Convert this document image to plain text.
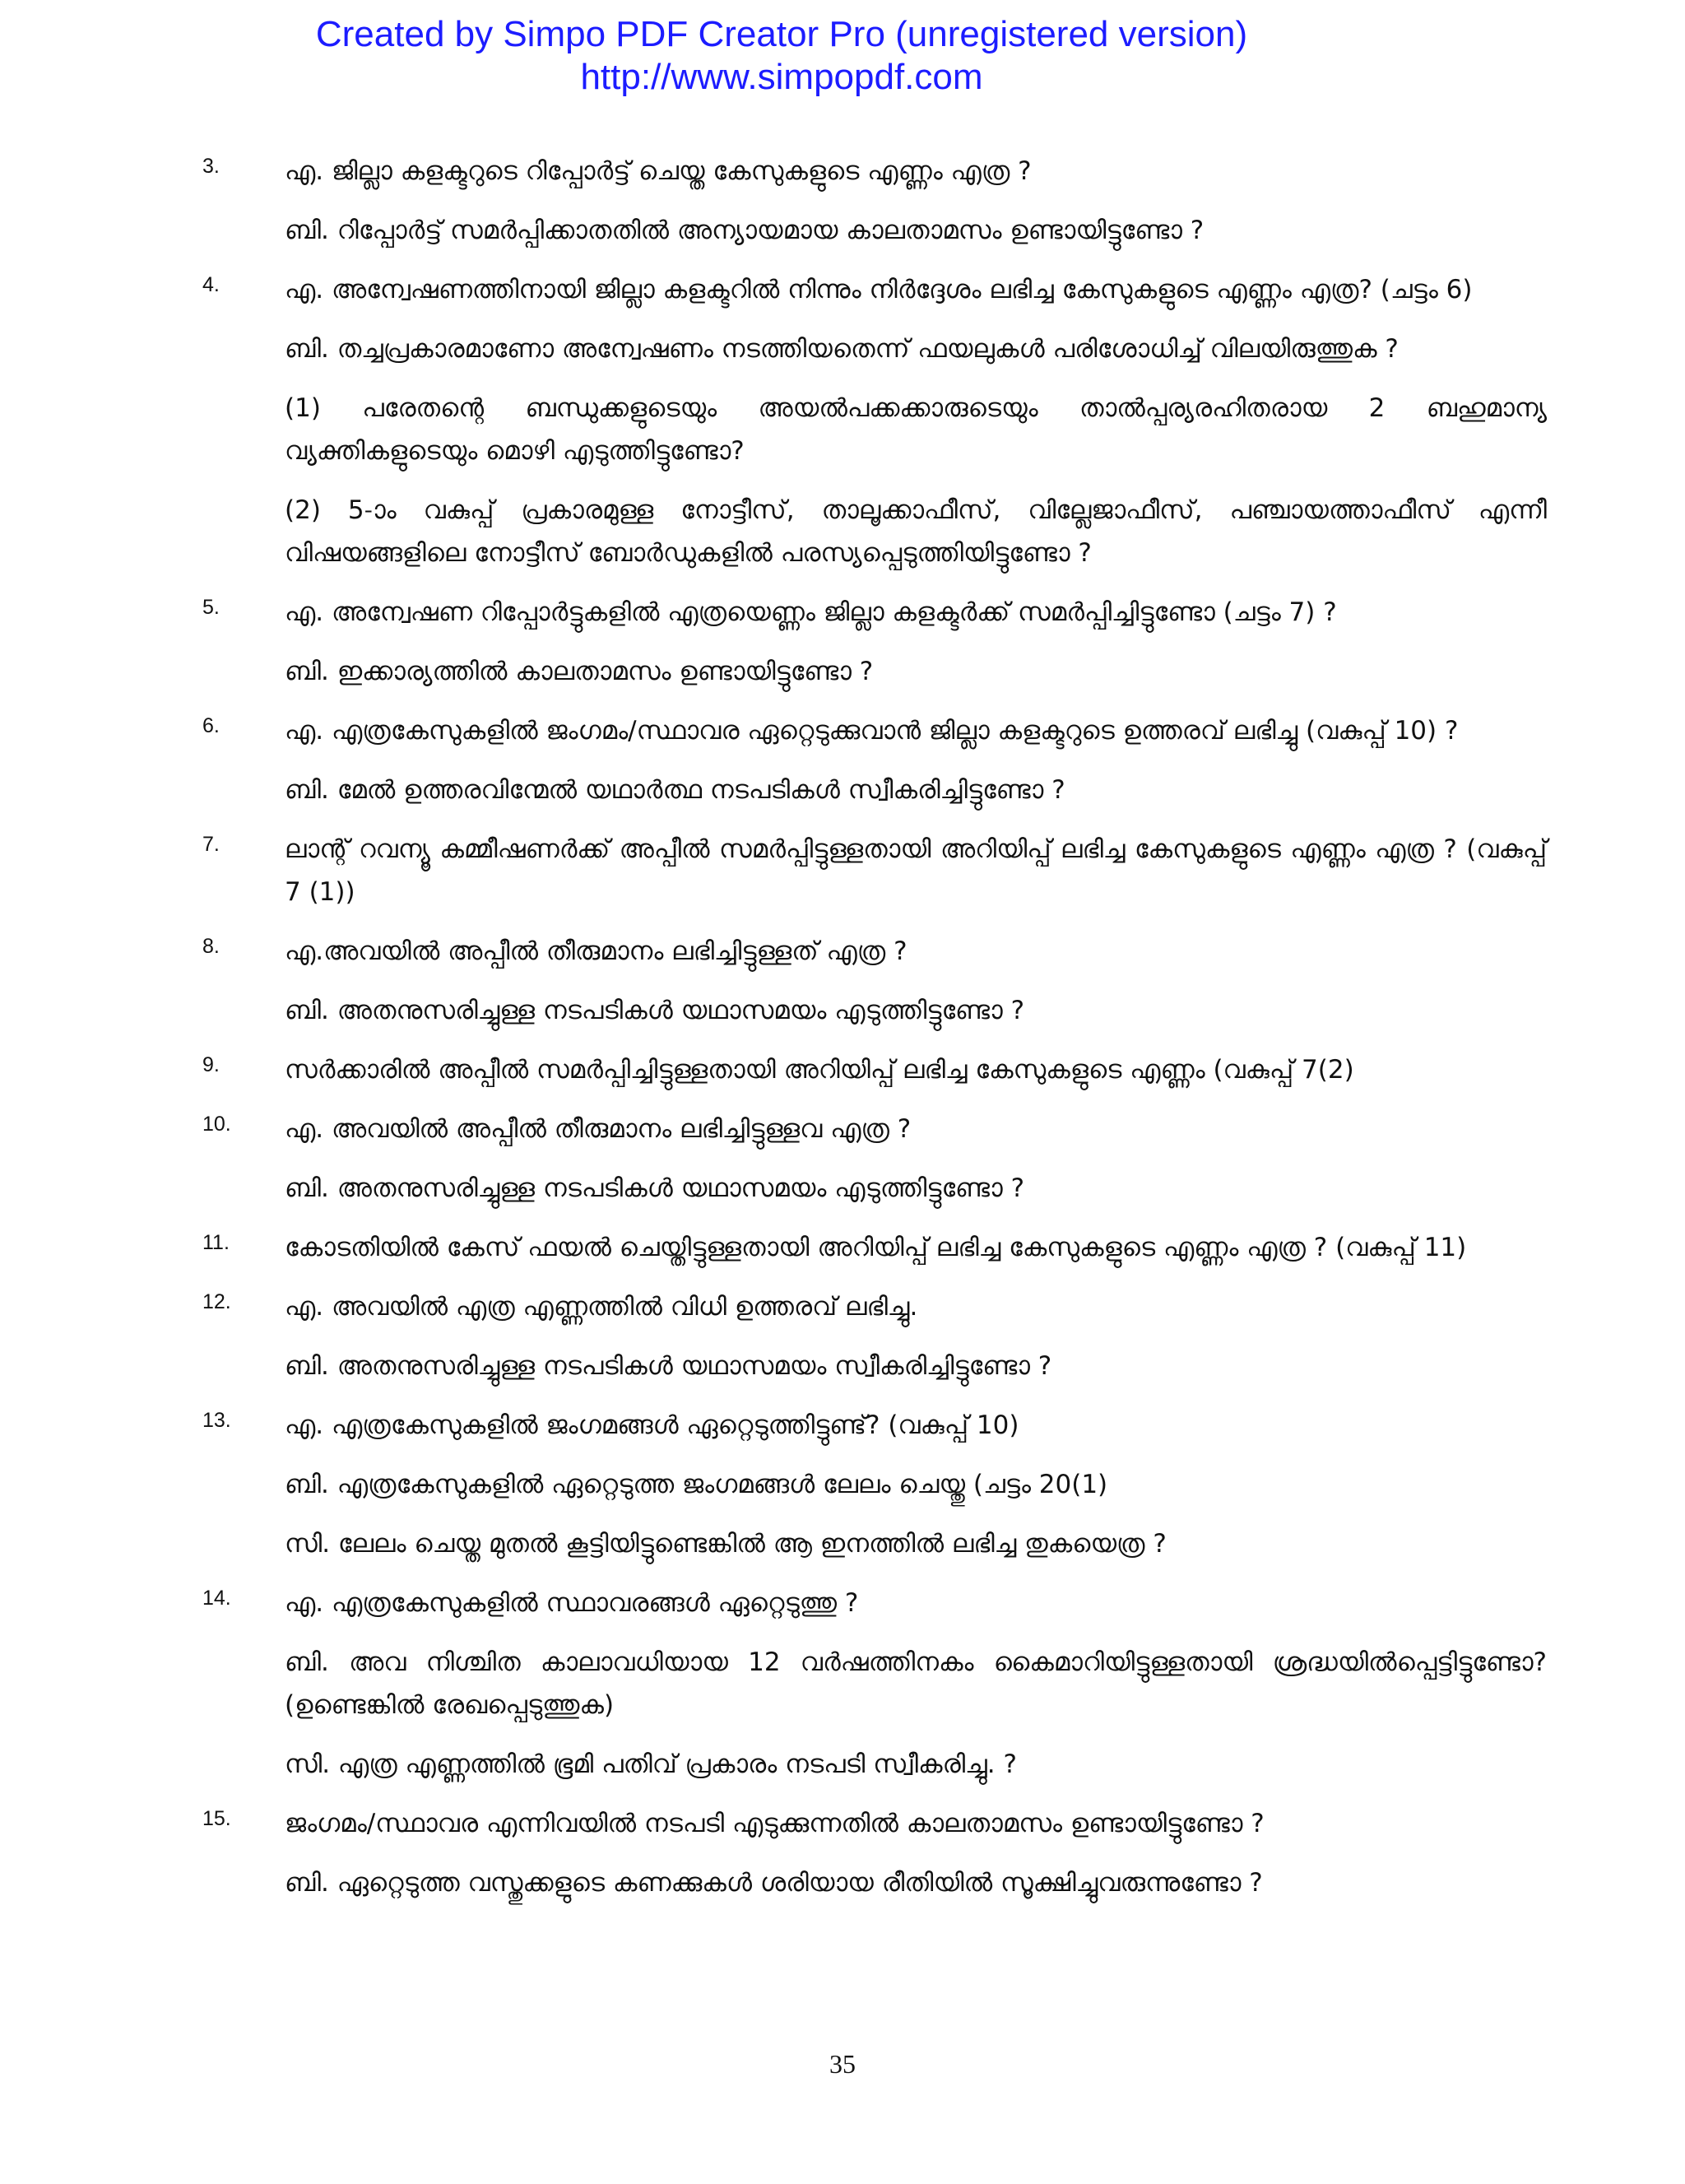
Created by Simpo PDF Creator Pro (unregistered version)
http://www.simpopdf.com
3.	എ. ജില്ലാ കളക്ടറുടെ റിപ്പോർട്ട് ചെയ്ത കേസുകളുടെ എണ്ണം എത്ര ?

ബി. റിപ്പോർട്ട് സമർപ്പിക്കാതതിൽ അന്യായമായ കാലതാമസം ഉണ്ടായിട്ടുണ്ടോ ?

4.	എ. അന്വേഷണത്തിനായി ജില്ലാ കളക്ടറിൽ നിന്നും നിർദ്ദേശം ലഭിച്ച കേസുകളുടെ എണ്ണം എത്ര? (ചട്ടം 6)

ബി. തച്ചപ്രകാരമാണോ അന്വേഷണം നടത്തിയതെന്ന് ഫയലുകൾ പരിശോധിച്ച് വിലയിരുത്തുക ?

(1) പരേതന്റെ ബന്ധുക്കളുടെയും അയൽപക്കക്കാരുടെയും താൽപ്പര്യരഹിതരായ 2 ബഹുമാന്യ വ്യക്തികളുടെയും മൊഴി എടുത്തിട്ടുണ്ടോ?

(2) 5-ാം വകുപ്പ് പ്രകാരമുള്ള നോട്ടീസ്, താലൂക്കാഫീസ്, വില്ലേജാഫീസ്, പഞ്ചായത്താഫീസ് എന്നീ വിഷയങ്ങളിലെ നോട്ടീസ് ബോർഡുകളിൽ പരസ്യപ്പെടുത്തിയിട്ടുണ്ടോ ?

5.	എ. അന്വേഷണ റിപ്പോർട്ടുകളിൽ എത്രയെണ്ണം ജില്ലാ കളക്ടർക്ക് സമർപ്പിച്ചിട്ടുണ്ടോ (ചട്ടം 7) ?

ബി. ഇക്കാര്യത്തിൽ കാലതാമസം ഉണ്ടായിട്ടുണ്ടോ ?

6.	എ. എത്രകേസുകളിൽ ജംഗമം/സ്ഥാവര ഏറ്റെടുക്കുവാൻ ജില്ലാ കളക്ടറുടെ ഉത്തരവ് ലഭിച്ചു (വകുപ്പ് 10) ?

ബി. മേൽ ഉത്തരവിന്മേൽ യഥാർത്ഥ നടപടികൾ സ്വീകരിച്ചിട്ടുണ്ടോ ?

7.	ലാന്റ് റവന്യൂ കമ്മീഷണർക്ക് അപ്പീൽ സമർപ്പിട്ടുള്ളതായി അറിയിപ്പ് ലഭിച്ച കേസുകളുടെ എണ്ണം എത്ര ? (വകുപ്പ് 7 (1))

8.	എ.അവയിൽ അപ്പീൽ തീരുമാനം ലഭിച്ചിട്ടുള്ളത് എത്ര ?

ബി. അതനുസരിച്ചുള്ള നടപടികൾ യഥാസമയം എടുത്തിട്ടുണ്ടോ ?

9.	സർക്കാരിൽ അപ്പീൽ സമർപ്പിച്ചിട്ടുള്ളതായി അറിയിപ്പ് ലഭിച്ച കേസുകളുടെ എണ്ണം (വകുപ്പ് 7(2)

10. എ. അവയിൽ അപ്പീൽ തീരുമാനം ലഭിച്ചിട്ടുള്ളവ എത്ര ?

ബി. അതനുസരിച്ചുള്ള നടപടികൾ യഥാസമയം എടുത്തിട്ടുണ്ടോ ?

11. കോടതിയിൽ കേസ് ഫയൽ ചെയ്തിട്ടുള്ളതായി അറിയിപ്പ് ലഭിച്ച കേസുകളുടെ എണ്ണം എത്ര ? (വകുപ്പ് 11)

12. എ. അവയിൽ എത്ര എണ്ണത്തിൽ വിധി ഉത്തരവ് ലഭിച്ചു.

ബി. അതനുസരിച്ചുള്ള നടപടികൾ യഥാസമയം സ്വീകരിച്ചിട്ടുണ്ടോ ?

13. എ. എത്രകേസുകളിൽ ജംഗമങ്ങൾ ഏറ്റെടുത്തിട്ടുണ്ട്? (വകുപ്പ് 10)

ബി. എത്രകേസുകളിൽ ഏറ്റെടുത്ത ജംഗമങ്ങൾ ലേലം ചെയ്തു (ചട്ടം 20(1)

സി. ലേലം ചെയ്ത മുതൽ കൂട്ടിയിട്ടുണ്ടെങ്കിൽ ആ ഇനത്തിൽ ലഭിച്ച തുകയെത്ര ?

14. എ. എത്രകേസുകളിൽ സ്ഥാവരങ്ങൾ ഏറ്റെടുത്തു ?

ബി. അവ നിശ്ചിത കാലാവധിയായ 12 വർഷത്തിനകം കൈമാറിയിട്ടുള്ളതായി ശ്രദ്ധയിൽപ്പെട്ടിട്ടുണ്ടോ? (ഉണ്ടെങ്കിൽ രേഖപ്പെടുത്തുക)

സി. എത്ര എണ്ണത്തിൽ ഭൂമി പതിവ് പ്രകാരം നടപടി സ്വീകരിച്ചു. ?

15. ജംഗമം/സ്ഥാവര എന്നിവയിൽ നടപടി എടുക്കുന്നതിൽ കാലതാമസം ഉണ്ടായിട്ടുണ്ടോ ?

ബി. ഏറ്റെടുത്ത വസ്തുക്കളുടെ കണക്കുകൾ ശരിയായ രീതിയിൽ സൂക്ഷിച്ചുവരുന്നുണ്ടോ ?

35
